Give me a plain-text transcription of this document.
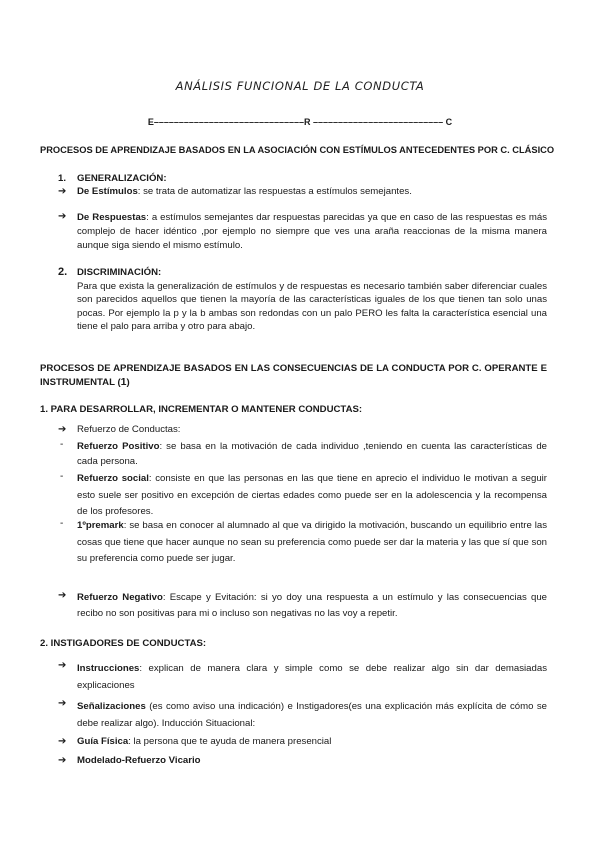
ANÁLISIS FUNCIONAL DE LA CONDUCTA
E––––––––––––––––––––––––––––––R –––––––––––––––––––––––––– C
PROCESOS DE APRENDIZAJE BASADOS EN LA ASOCIACIÓN CON ESTÍMULOS ANTECEDENTES POR C. CLÁSICO
1. GENERALIZACIÓN:
➔ De Estímulos: se trata de automatizar las respuestas a estímulos semejantes.
➔ De Respuestas: a estímulos semejantes dar respuestas parecidas ya que en caso de las respuestas es más complejo de hacer idéntico ,por ejemplo no siempre que ves una araña reaccionas de la misma manera aunque siga siendo el mismo estímulo.
2. DISCRIMINACIÓN:
Para que exista la generalización de estímulos y de respuestas es necesario también saber diferenciar cuales son parecidos aquellos que tienen la mayoría de las características iguales de los que tienen tan solo unas pocas. Por ejemplo la p y la b ambas son redondas con un palo PERO les falta la característica esencial una tiene el palo para arriba y otro para abajo.
PROCESOS DE APRENDIZAJE BASADOS EN LAS CONSECUENCIAS DE LA CONDUCTA POR C. OPERANTE E
INSTRUMENTAL (1)
1. PARA DESARROLLAR, INCREMENTAR O MANTENER CONDUCTAS:
➔ Refuerzo de Conductas:
- Refuerzo Positivo: se basa en la motivación de cada individuo ,teniendo en cuenta las características de cada persona.
- Refuerzo social: consiste en que las personas en las que tiene en aprecio el individuo le motivan a seguir esto suele ser positivo en excepción de ciertas edades como puede ser en la adolescencia y la recompensa de los profesores.
- 1ºpremark: se basa en conocer al alumnado al que va dirigido la motivación, buscando un equilibrio entre las cosas que tiene que hacer aunque no sean su preferencia como puede ser dar la materia y las que sí que son su preferencia como puede ser jugar.
➔ Refuerzo Negativo: Escape y Evitación: si yo doy una respuesta a un estímulo y las consecuencias que recibo no son positivas para mi o incluso son negativas no las voy a repetir.
2. INSTIGADORES DE CONDUCTAS:
➔ Instrucciones: explican de manera clara y simple como se debe realizar algo sin dar demasiadas explicaciones
➔ Señalizaciones (es como aviso una indicación) e Instigadores(es una explicación más explícita de cómo se debe realizar algo). Inducción Situacional:
➔ Guía Física: la persona que te ayuda de manera presencial
➔ Modelado-Refuerzo Vicario
